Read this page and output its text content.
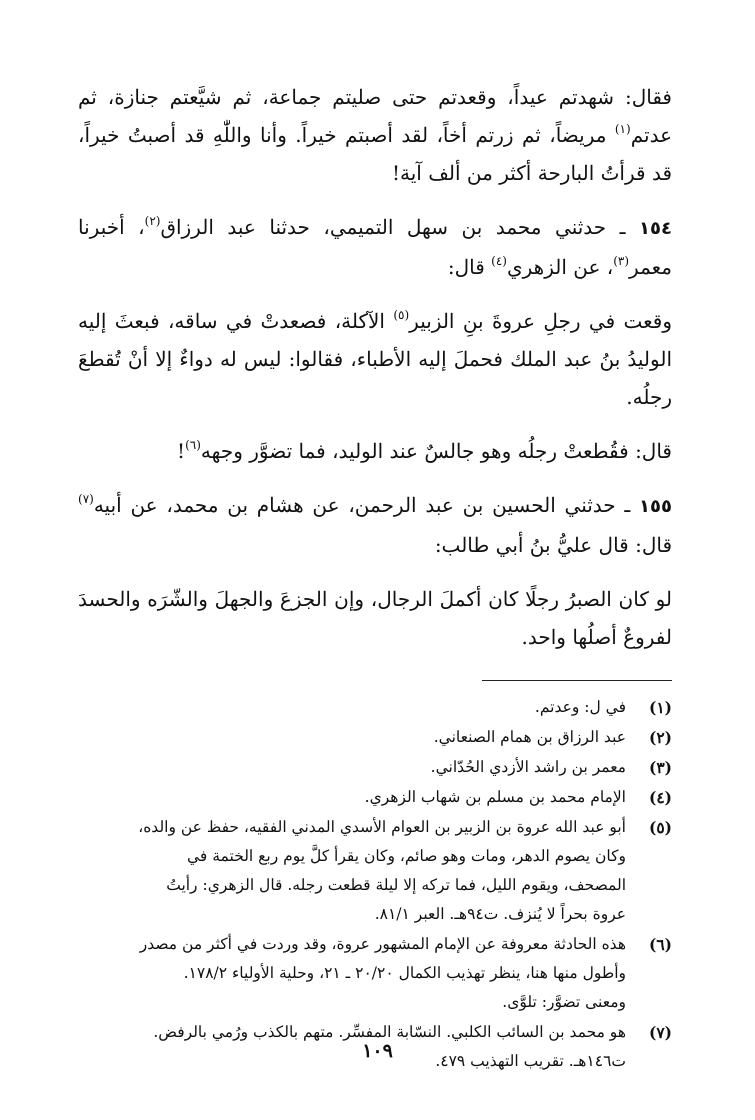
فقال: شهدتم عيداً، وقعدتم حتى صليتم جماعة، ثم شيَّعتم جنازة، ثم عدتم$^{(١)}$ مريضاً، ثم زرتم أخاً، لقد أصبتم خيراً. وأنا واللّٰهِ قد أصبتُ خيراً، قد قرأتُ البارحة أكثر من ألف آية!

١٥٤ ـ حدثني محمد بن سهل التميمي، حدثنا عبد الرزاق$^{(٢)}$، أخبرنا معمر$^{(٣)}$، عن الزهري$^{(٤)}$ قال:

وقعت في رجلِ عروةَ بنِ الزبير$^{(٥)}$ الآكلة، فصعدتْ في ساقه، فبعثَ إليه الوليدُ بنُ عبد الملك فحملَ إليه الأطباء، فقالوا: ليس له دواءٌ إلا أنْ تُقطعَ رجلُه.

قال: فقُطعتْ رجلُه وهو جالسٌ عند الوليد، فما تضوَّر وجهه$^{(٦)}$!

١٥٥ ـ حدثني الحسين بن عبد الرحمن، عن هشام بن محمد، عن أبيه$^{(٧)}$ قال: قال عليُّ بنُ أبي طالب:

لو كان الصبرُ رجلًا كان أكملَ الرجال، وإن الجزعَ والجهلَ والشّرَه والحسدَ لفروعٌ أصلُها واحد.

(١)
في ل: وعدتم.
(٢)
عبد الرزاق بن همام الصنعاني.
(٣)
معمر بن راشد الأزدي الحُدّاني.
(٤)
الإمام محمد بن مسلم بن شهاب الزهري.
(٥)
أبو عبد الله عروة بن الزبير بن العوام الأسدي المدني الفقيه، حفظ عن والده،
وكان يصوم الدهر، ومات وهو صائم، وكان يقرأ كلَّ يوم ربع الختمة في
المصحف، ويقوم الليل، فما تركه إلا ليلة قطعت رجله. قال الزهري: رأيتُ
عروة بحراً لا يُنزف. ت٩٤هـ. العبر ٨١/١.
(٦)
هذه الحادثة معروفة عن الإمام المشهور عروة، وقد وردت في أكثر من مصدر
وأطول منها هنا، ينظر تهذيب الكمال ٢٠/٢٠ ـ ٢١، وحلية الأولياء ١٧٨/٢.
ومعنى تضوَّر: تلوَّى.
(٧)
هو محمد بن السائب الكلبي. النسّابة المفسِّر. متهم بالكذب ورُمي بالرفض.
ت١٤٦هـ. تقريب التهذيب ٤٧٩.
١٠٩
